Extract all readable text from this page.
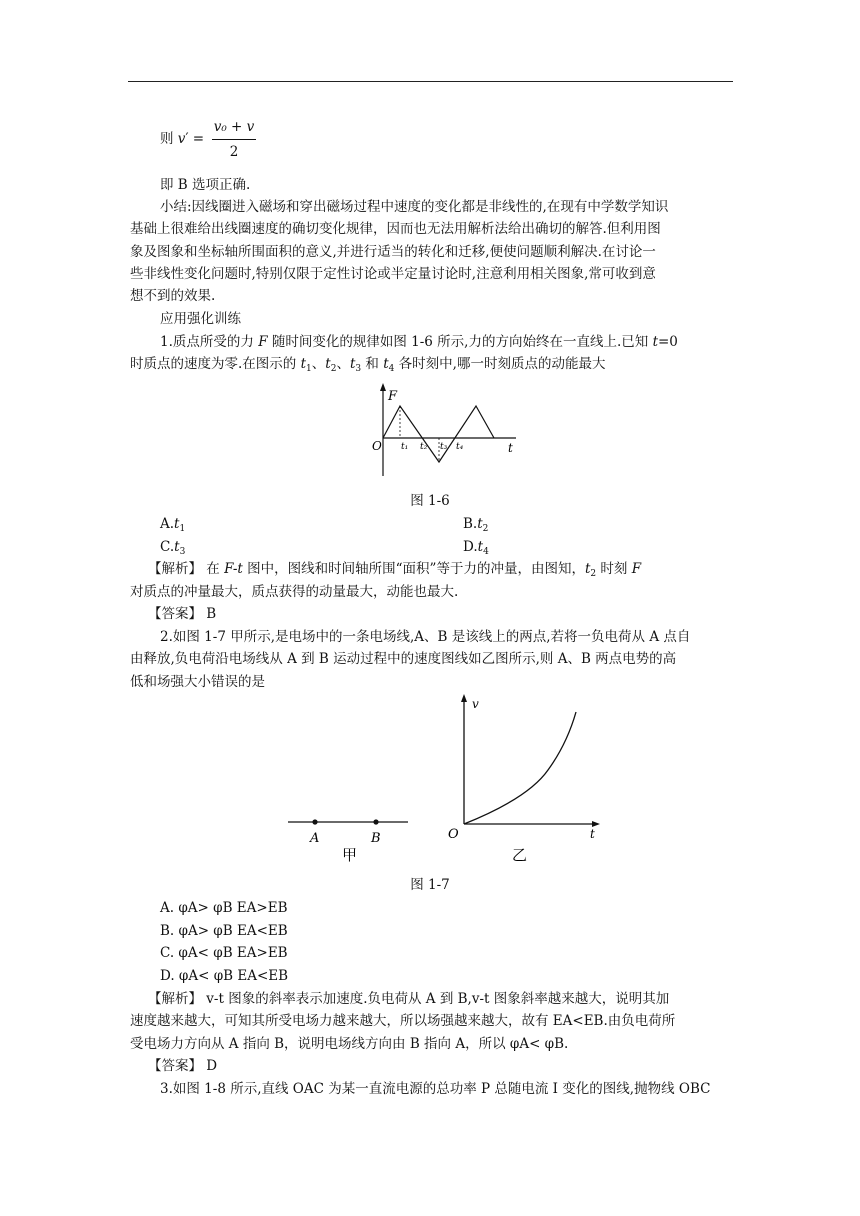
则 v′ =
v₀ + v
2
即 B 选项正确.
小结:因线圈进入磁场和穿出磁场过程中速度的变化都是非线性的,在现有中学数学知识
基础上很难给出线圈速度的确切变化规律，因而也无法用解析法给出确切的解答.但利用图
象及图象和坐标轴所围面积的意义,并进行适当的转化和迁移,便使问题顺利解决.在讨论一
些非线性变化问题时,特别仅限于定性讨论或半定量讨论时,注意利用相关图象,常可收到意
想不到的效果.
应用强化训练
1.质点所受的力 F 随时间变化的规律如图 1-6 所示,力的方向始终在一直线上.已知 t=0
时质点的速度为零.在图示的 $t_1$、$t_2$、$t_3$ 和 $t_4$ 各时刻中,哪一时刻质点的动能最大
F
O	t
t₁ t₂ t₃ t₄
图 1-6
$A.t_1$	$B.t_2$
$C.t_3$	$D.t_4$
【解析】 在 F-t 图中，图线和时间轴所围“面积”等于力的冲量，由图知，$t_2$ 时刻 F
对质点的冲量最大，质点获得的动量最大，动能也最大.
【答案】 B
2.如图 1-7 甲所示,是电场中的一条电场线,A、B 是该线上的两点,若将一负电荷从 A 点自
由释放,负电荷沿电场线从 A 到 B 运动过程中的速度图线如乙图所示,则 A、B 两点电势的高
低和场强大小错误的是
A	B
甲
v
O	t
乙
图 1-7
A. φA> φB EA>EB
B. φA> φB EA<EB
C. φA< φB EA>EB
D. φA< φB EA<EB
【解析】 v-t 图象的斜率表示加速度.负电荷从 A 到 B,v-t 图象斜率越来越大，说明其加
速度越来越大，可知其所受电场力越来越大，所以场强越来越大，故有 EA<EB.由负电荷所
受电场力方向从 A 指向 B，说明电场线方向由 B 指向 A，所以 φA< φB.
【答案】 D
3.如图 1-8 所示,直线 OAC 为某一直流电源的总功率 P 总随电流 I 变化的图线,抛物线 OBC
